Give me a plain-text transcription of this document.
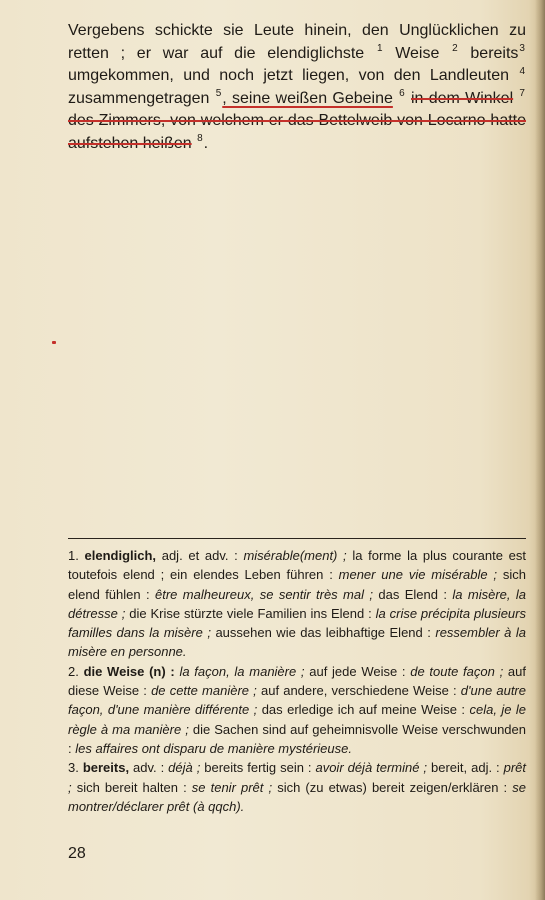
Vergebens schickte sie Leute hinein, den Unglücklichen zu retten ; er war auf die elendiglichste $^1$ Weise $^2$ bereits$^3$ umgekommen, und noch jetzt liegen, von den Landleuten $^4$ zusammengetragen $^5$, seine weißen Gebeine $^6$ in dem Winkel $^7$ des Zimmers, von welchem er das Bettelweib von Locarno hatte aufstehen heißen $^8$.

1. elendiglich, adj. et adv. : misérable(ment) ; la forme la plus courante est toutefois elend ; ein elendes Leben führen : mener une vie misérable ; sich elend fühlen : être malheureux, se sentir très mal ; das Elend : la misère, la détresse ; die Krise stürzte viele Familien ins Elend : la crise précipita plusieurs familles dans la misère ; aussehen wie das leibhaftige Elend : ressembler à la misère en personne.

2. die Weise (n) : la façon, la manière ; auf jede Weise : de toute façon ; auf diese Weise : de cette manière ; auf andere, verschiedene Weise : d'une autre façon, d'une manière différente ; das erledige ich auf meine Weise : cela, je le règle à ma manière ; die Sachen sind auf geheimnisvolle Weise verschwunden : les affaires ont disparu de manière mystérieuse.

3. bereits, adv. : déjà ; bereits fertig sein : avoir déjà terminé ; bereit, adj. : prêt ; sich bereit halten : se tenir prêt ; sich (zu etwas) bereit zeigen/erklären : se montrer/déclarer prêt (à qqch).

28
